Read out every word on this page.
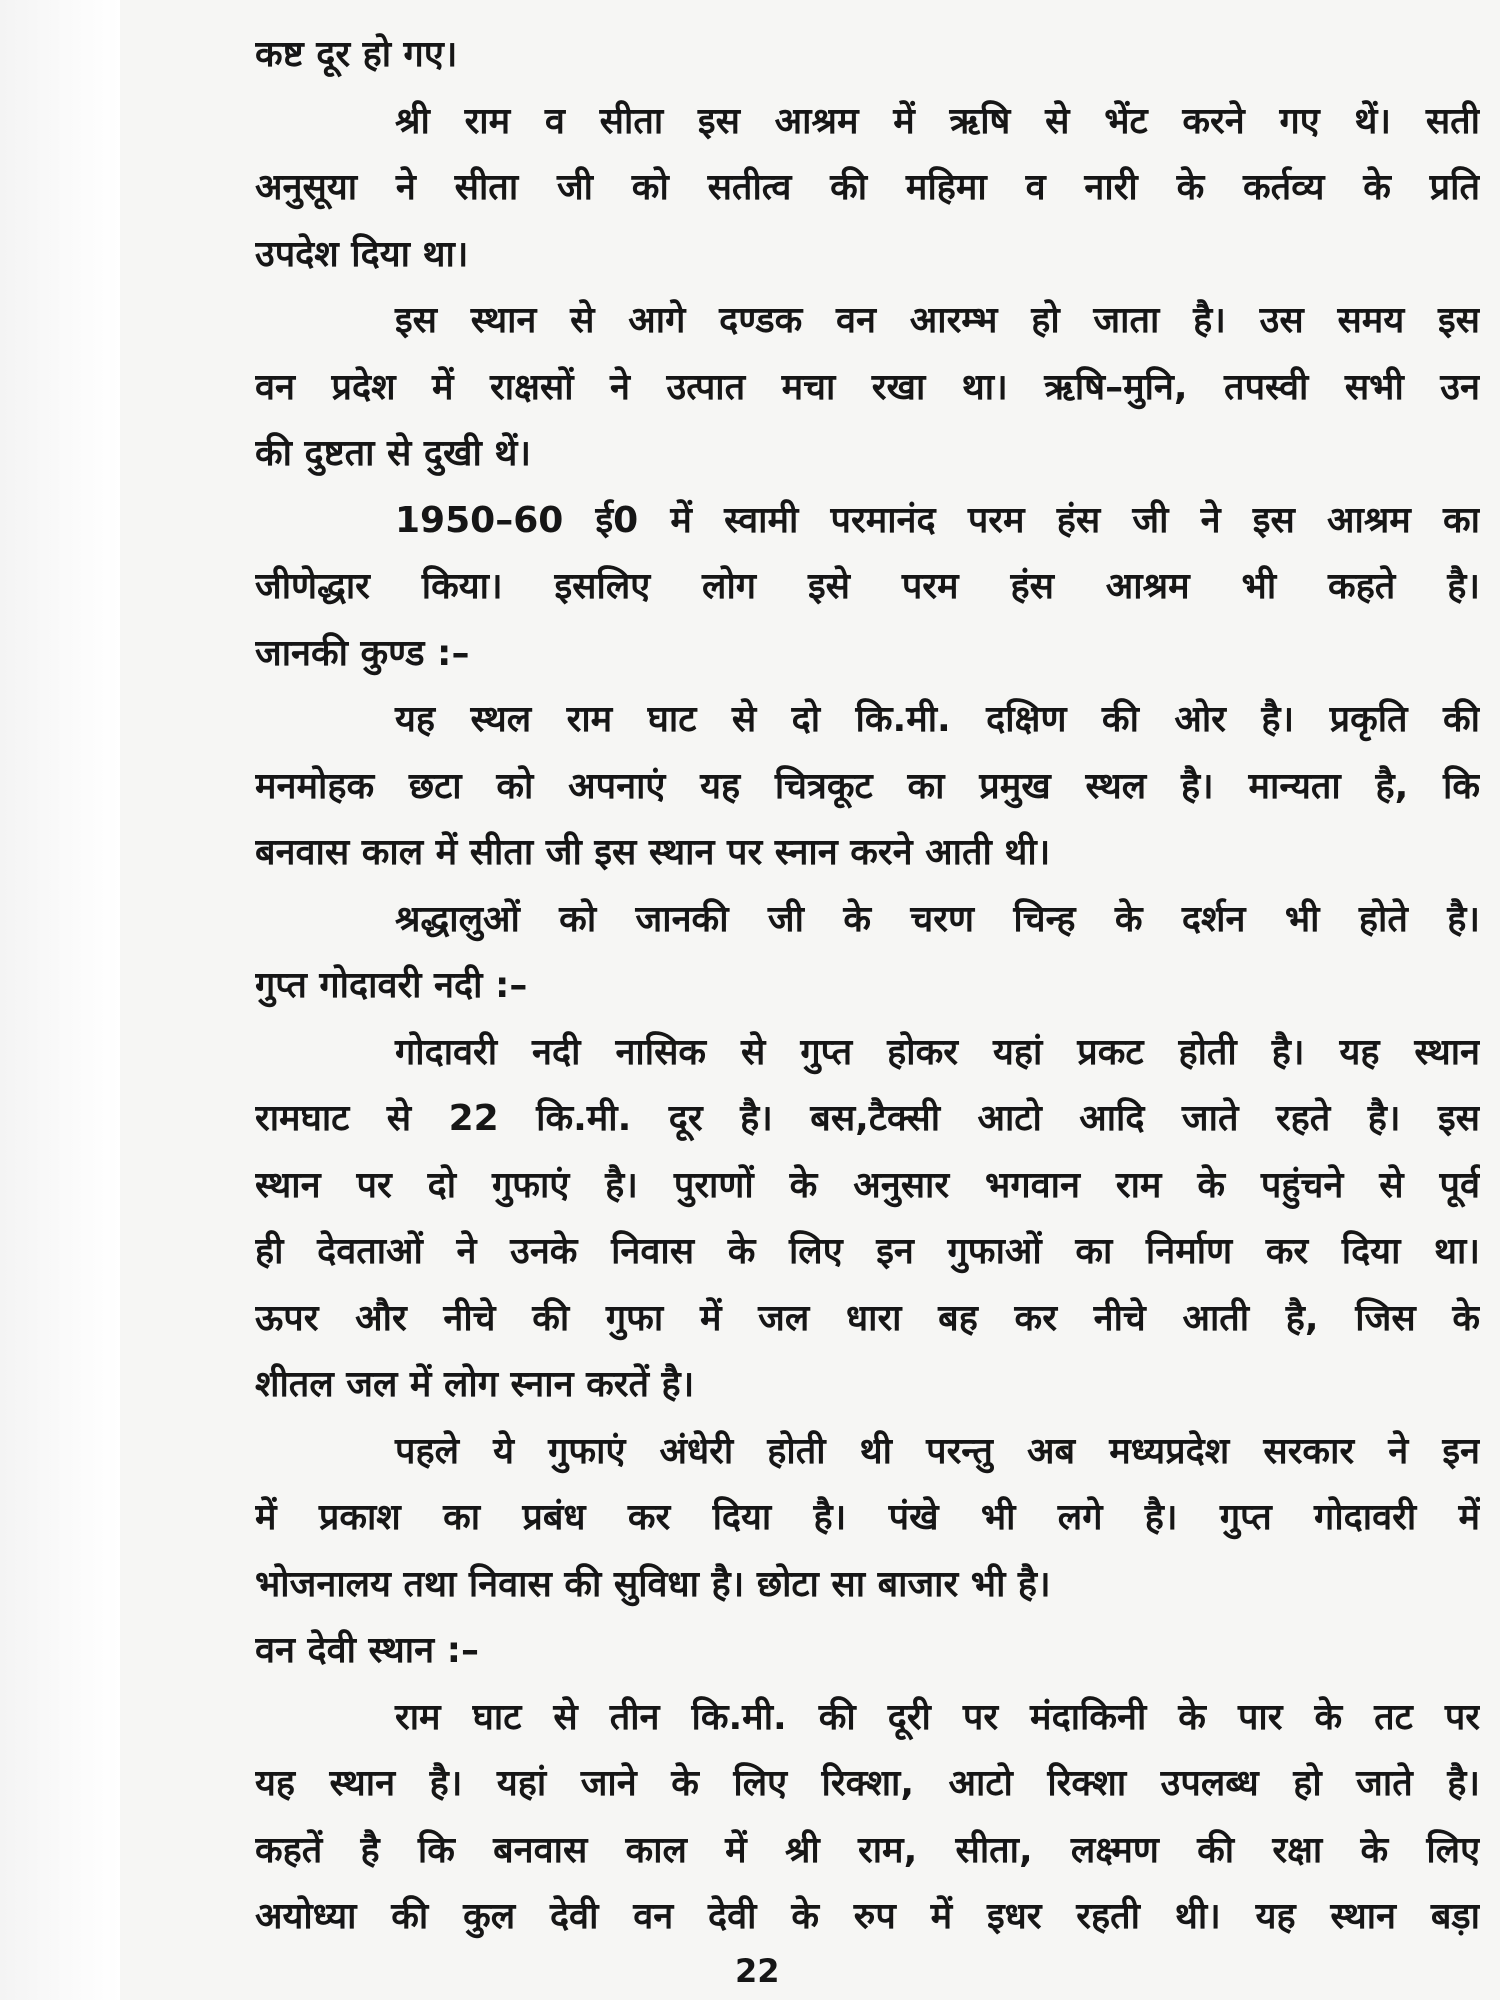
कष्ट दूर हो गए।
श्री राम व सीता इस आश्रम में ऋषि से भेंट करने गए थें। सती
अनुसूया ने सीता जी को सतीत्व की महिमा व नारी के कर्तव्य के प्रति
उपदेश दिया था।
इस स्थान से आगे दण्डक वन आरम्भ हो जाता है। उस समय इस
वन प्रदेश में राक्षसों ने उत्पात मचा रखा था। ऋषि–मुनि, तपस्वी सभी उन
की दुष्टता से दुखी थें।
1950–60 ई0 में स्वामी परमानंद परम हंस जी ने इस आश्रम का
जीणेद्धार किया। इसलिए लोग इसे परम हंस आश्रम भी कहते है।
जानकी कुण्ड :–
यह स्थल राम घाट से दो कि.मी. दक्षिण की ओर है। प्रकृति की
मनमोहक छटा को अपनाएं यह चित्रकूट का प्रमुख स्थल है। मान्यता है, कि
बनवास काल में सीता जी इस स्थान पर स्नान करने आती थी।
श्रद्धालुओं को जानकी जी के चरण चिन्ह के दर्शन भी होते है।
गुप्त गोदावरी नदी :–
गोदावरी नदी नासिक से गुप्त होकर यहां प्रकट होती है। यह स्थान
रामघाट से 22 कि.मी. दूर है। बस,टैक्सी आटो आदि जाते रहते है। इस
स्थान पर दो गुफाएं है। पुराणों के अनुसार भगवान राम के पहुंचने से पूर्व
ही देवताओं ने उनके निवास के लिए इन गुफाओं का निर्माण कर दिया था।
ऊपर और नीचे की गुफा में जल धारा बह कर नीचे आती है, जिस के
शीतल जल में लोग स्नान करतें है।
पहले ये गुफाएं अंधेरी होती थी परन्तु अब मध्यप्रदेश सरकार ने इन
में प्रकाश का प्रबंध कर दिया है। पंखे भी लगे है। गुप्त गोदावरी में
भोजनालय तथा निवास की सुविधा है। छोटा सा बाजार भी है।
वन देवी स्थान :–
राम घाट से तीन कि.मी. की दूरी पर मंदाकिनी के पार के तट पर
यह स्थान है। यहां जाने के लिए रिक्शा, आटो रिक्शा उपलब्ध हो जाते है।
कहतें है कि बनवास काल में श्री राम, सीता, लक्ष्मण की रक्षा के लिए
अयोध्या की कुल देवी वन देवी के रुप में इधर रहती थी। यह स्थान बड़ा
22
